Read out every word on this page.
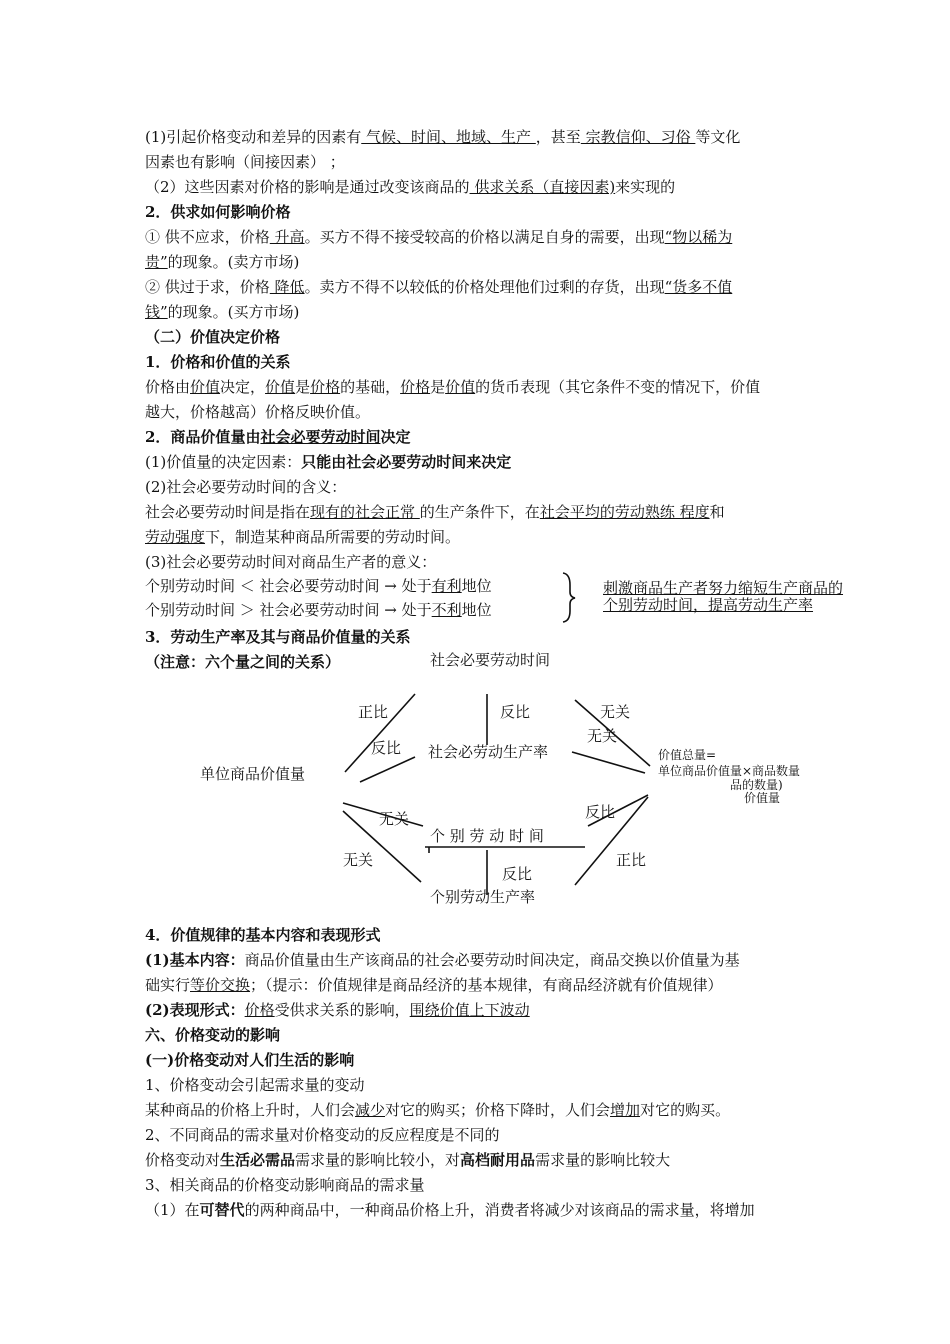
(1)引起价格变动和差异的因素有 气候、时间、地域、生产 ，甚至 宗教信仰、习俗 等文化
因素也有影响（间接因素） ；
（2）这些因素对价格的影响是通过改变该商品的 供求关系（直接因素)来实现的
2．供求如何影响价格
① 供不应求，价格 升高。买方不得不接受较高的价格以满足自身的需要，出现“物以稀为
贵”的现象。(卖方市场)
② 供过于求，价格 降低。卖方不得不以较低的价格处理他们过剩的存货，出现“货多不值
钱”的现象。(买方市场)
（二）价值决定价格
1．价格和价值的关系
价格由价值决定，价值是价格的基础，价格是价值的货币表现（其它条件不变的情况下，价值
越大，价格越高）价格反映价值。
2．商品价值量由社会必要劳动时间决定
(1)价值量的决定因素：只能由社会必要劳动时间来决定
(2)社会必要劳动时间的含义：
社会必要劳动时间是指在现有的社会正常 的生产条件下，在社会平均的劳动熟练 程度和
劳动强度下，制造某种商品所需要的劳动时间。
(3)社会必要劳动时间对商品生产者的意义：
个别劳动时间 ＜ 社会必要劳动时间 → 处于有利地位
个别劳动时间 ＞ 社会必要劳动时间 → 处于不利地位
刺激商品生产者努力缩短生产商品的
个别劳动时间，提高劳动生产率
3．劳动生产率及其与商品价值量的关系
（注意：六个量之间的关系）	社会必要劳动时间
单位商品价值量
社会必劳动生产率
个 别 劳 动 时 间
个别劳动生产率
价值总量=
单位商品价值量×商品数量
品的数量)
价值量
正比
反比
反比	无关
无关
无关
无关
反比
反比
正比
4．价值规律的基本内容和表现形式
(1)基本内容：商品价值量由生产该商品的社会必要劳动时间决定，商品交换以价值量为基
础实行等价交换；（提示：价值规律是商品经济的基本规律，有商品经济就有价值规律）
(2)表现形式：价格受供求关系的影响，围绕价值上下波动
六、价格变动的影响
(一)价格变动对人们生活的影响
1、价格变动会引起需求量的变动
某种商品的价格上升时，人们会减少对它的购买；价格下降时，人们会增加对它的购买。
2、不同商品的需求量对价格变动的反应程度是不同的
价格变动对生活必需品需求量的影响比较小，对高档耐用品需求量的影响比较大
3、相关商品的价格变动影响商品的需求量
（1）在可替代的两种商品中，一种商品价格上升，消费者将减少对该商品的需求量，将增加
